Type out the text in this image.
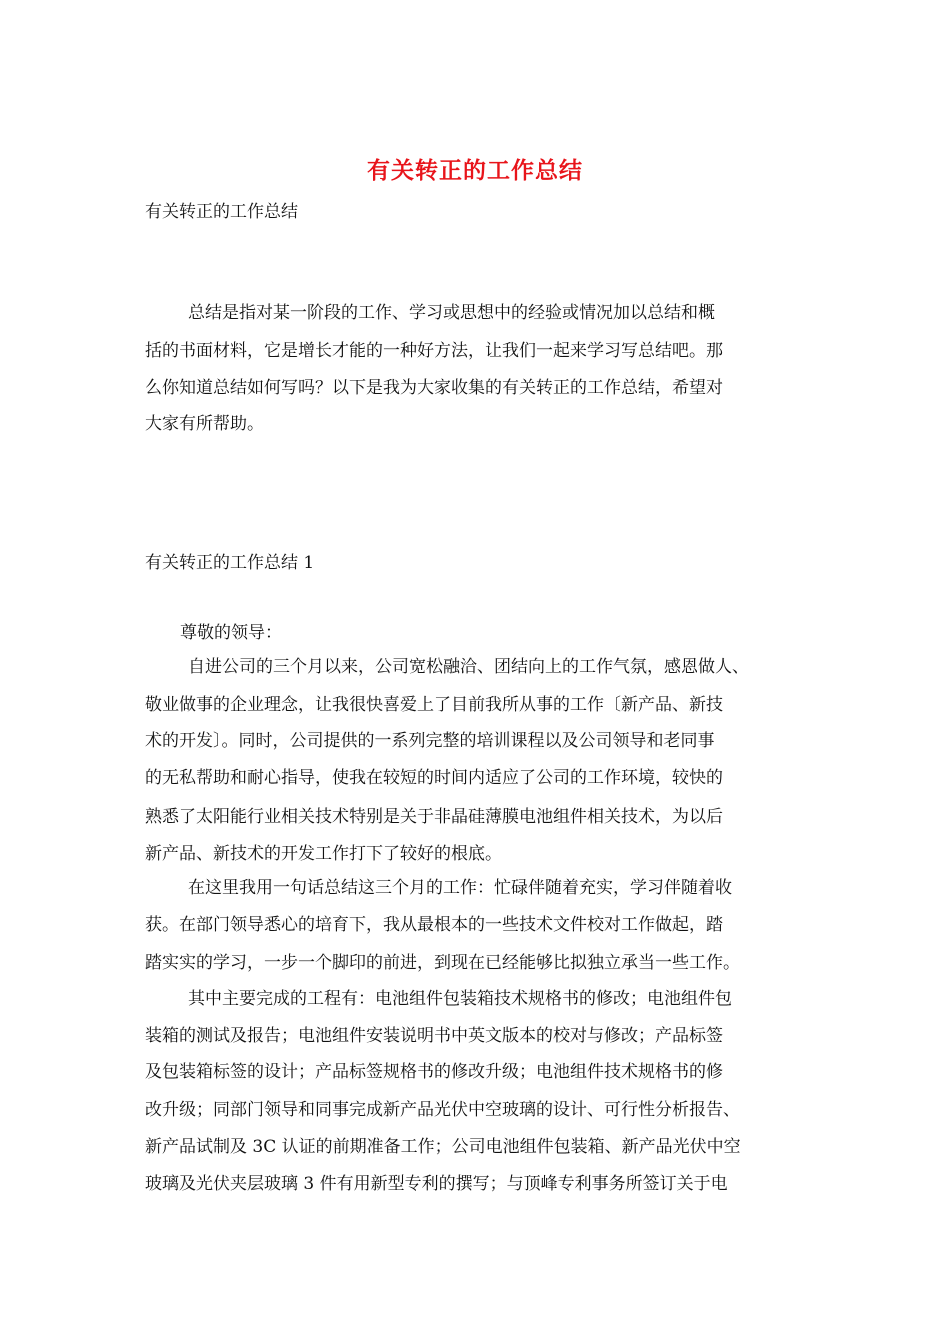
有关转正的工作总结
有关转正的工作总结
总结是指对某一阶段的工作、学习或思想中的经验或情况加以总结和概
括的书面材料，它是增长才能的一种好方法，让我们一起来学习写总结吧。那
么你知道总结如何写吗？以下是我为大家收集的有关转正的工作总结，希望对
大家有所帮助。
有关转正的工作总结 1
尊敬的领导：
自进公司的三个月以来，公司宽松融洽、团结向上的工作气氛，感恩做人、
敬业做事的企业理念，让我很快喜爱上了目前我所从事的工作〔新产品、新技
术的开发〕。同时，公司提供的一系列完整的培训课程以及公司领导和老同事
的无私帮助和耐心指导，使我在较短的时间内适应了公司的工作环境，较快的
熟悉了太阳能行业相关技术特别是关于非晶硅薄膜电池组件相关技术，为以后
新产品、新技术的开发工作打下了较好的根底。
在这里我用一句话总结这三个月的工作：忙碌伴随着充实，学习伴随着收
获。在部门领导悉心的培育下，我从最根本的一些技术文件校对工作做起，踏
踏实实的学习，一步一个脚印的前进，到现在已经能够比拟独立承当一些工作。
其中主要完成的工程有：电池组件包装箱技术规格书的修改；电池组件包
装箱的测试及报告；电池组件安装说明书中英文版本的校对与修改；产品标签
及包装箱标签的设计；产品标签规格书的修改升级；电池组件技术规格书的修
改升级；同部门领导和同事完成新产品光伏中空玻璃的设计、可行性分析报告、
新产品试制及 3C 认证的前期准备工作；公司电池组件包装箱、新产品光伏中空
玻璃及光伏夹层玻璃 3 件有用新型专利的撰写；与顶峰专利事务所签订关于电
